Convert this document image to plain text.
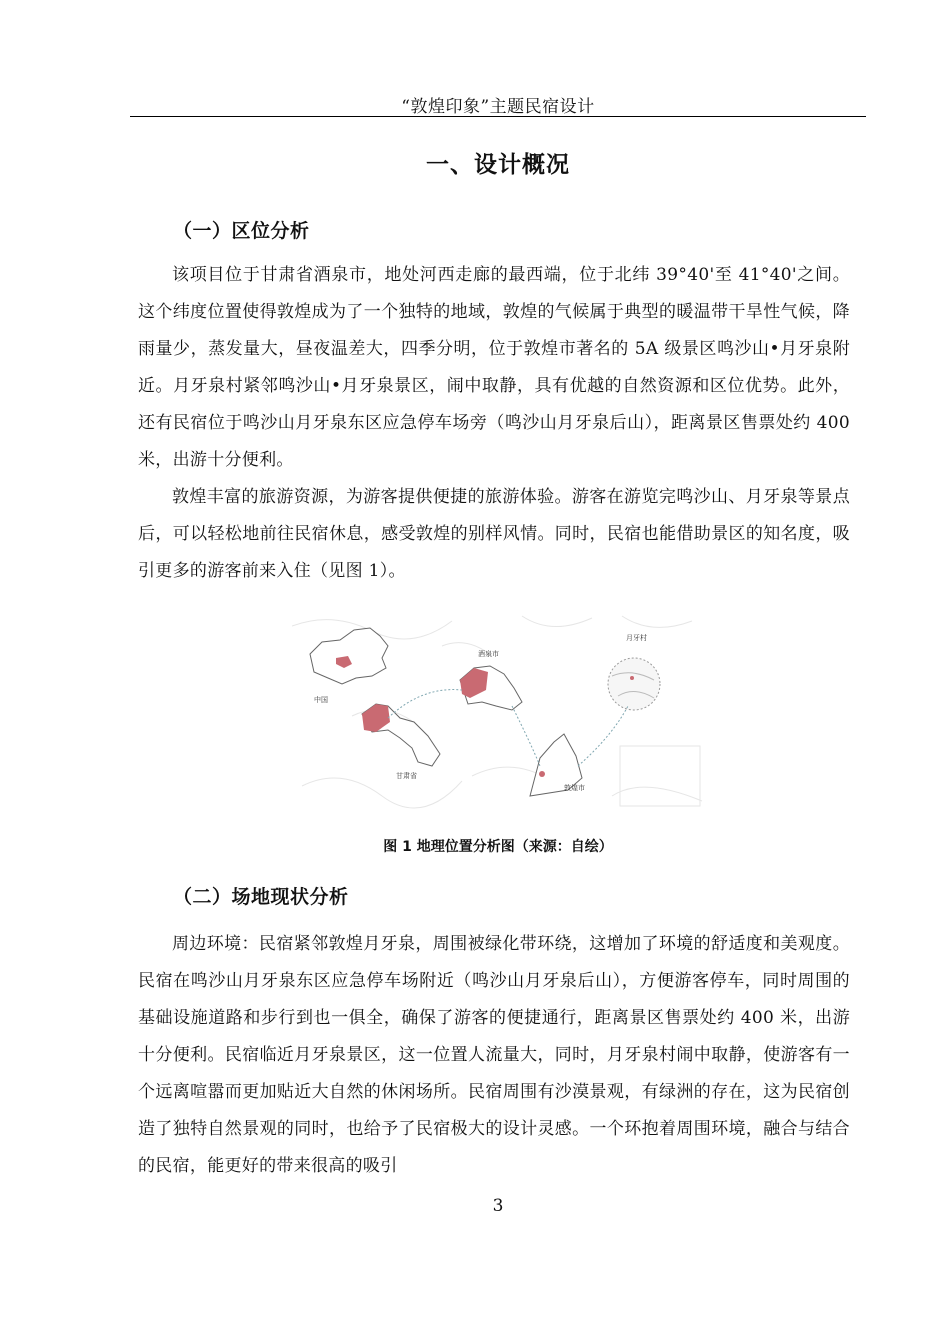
“敦煌印象”主题民宿设计
一、设计概况
（一）区位分析

该项目位于甘肃省酒泉市，地处河西走廊的最西端，位于北纬 39°40'至 41°40'之间。这个纬度位置使得敦煌成为了一个独特的地域，敦煌的气候属于典型的暖温带干旱性气候，降雨量少，蒸发量大，昼夜温差大，四季分明，位于敦煌市著名的 5A 级景区鸣沙山•月牙泉附近。月牙泉村紧邻鸣沙山•月牙泉景区，闹中取静，具有优越的自然资源和区位优势。此外，还有民宿位于鸣沙山月牙泉东区应急停车场旁（鸣沙山月牙泉后山），距离景区售票处约 400 米，出游十分便利。

敦煌丰富的旅游资源，为游客提供便捷的旅游体验。游客在游览完鸣沙山、月牙泉等景点后，可以轻松地前往民宿休息，感受敦煌的别样风情。同时，民宿也能借助景区的知名度，吸引更多的游客前来入住（见图 1）。

中国
甘肃省
酒泉市
敦煌市
月牙村
图 1 地理位置分析图（来源：自绘）
（二）场地现状分析

周边环境：民宿紧邻敦煌月牙泉，周围被绿化带环绕，这增加了环境的舒适度和美观度。民宿在鸣沙山月牙泉东区应急停车场附近（鸣沙山月牙泉后山），方便游客停车，同时周围的基础设施道路和步行到也一俱全，确保了游客的便捷通行，距离景区售票处约 400 米，出游十分便利。民宿临近月牙泉景区，这一位置人流量大，同时，月牙泉村闹中取静，使游客有一个远离喧嚣而更加贴近大自然的休闲场所。民宿周围有沙漠景观，有绿洲的存在，这为民宿创造了独特自然景观的同时，也给予了民宿极大的设计灵感。一个环抱着周围环境，融合与结合的民宿，能更好的带来很高的吸引

3
